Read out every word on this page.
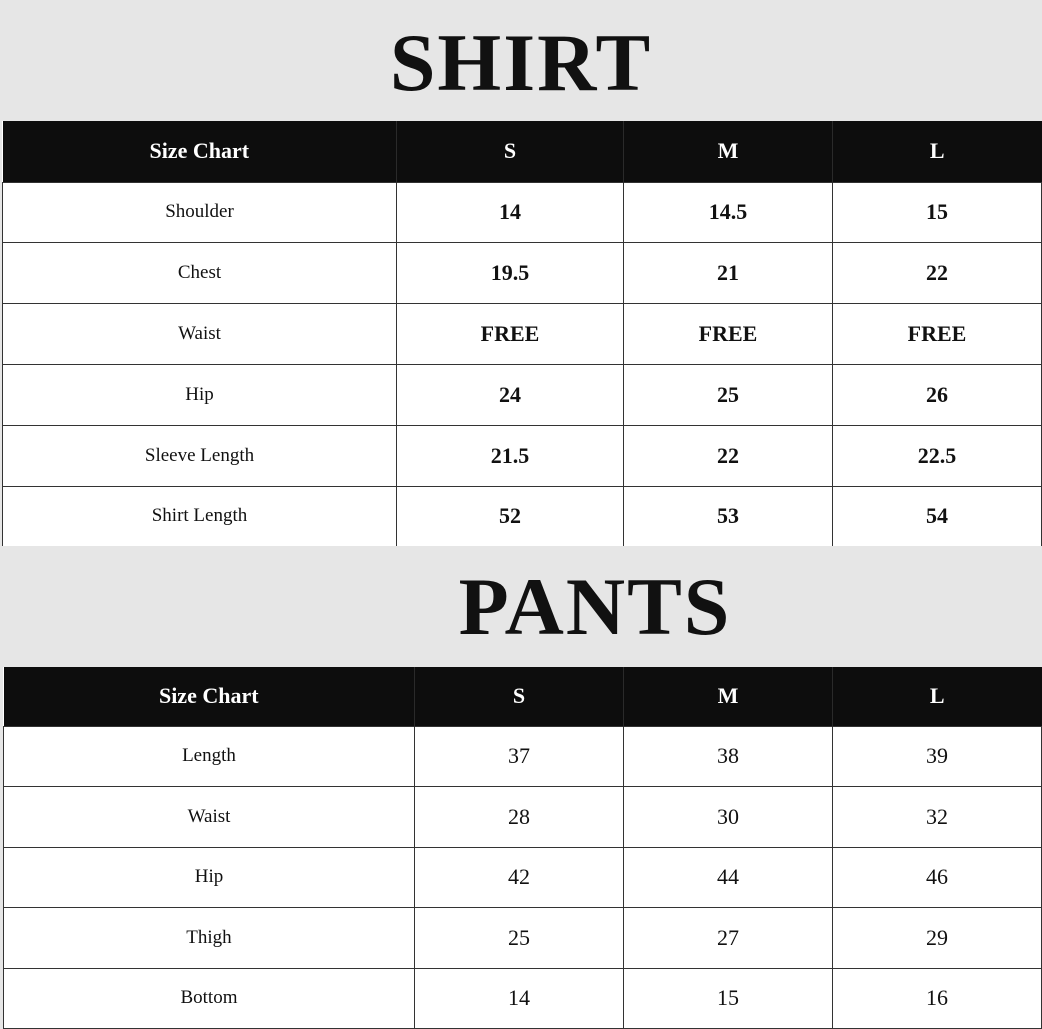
SHIRT
Size Chart	S	M	L
Shoulder	14	14.5	15
Chest	19.5	21	22
Waist	FREE	FREE	FREE
Hip	24	25	26
Sleeve Length	21.5	22	22.5
Shirt Length	52	53	54
PANTS
Size Chart	S	M	L
Length	37	38	39
Waist	28	30	32
Hip	42	44	46
Thigh	25	27	29
Bottom	14	15	16
